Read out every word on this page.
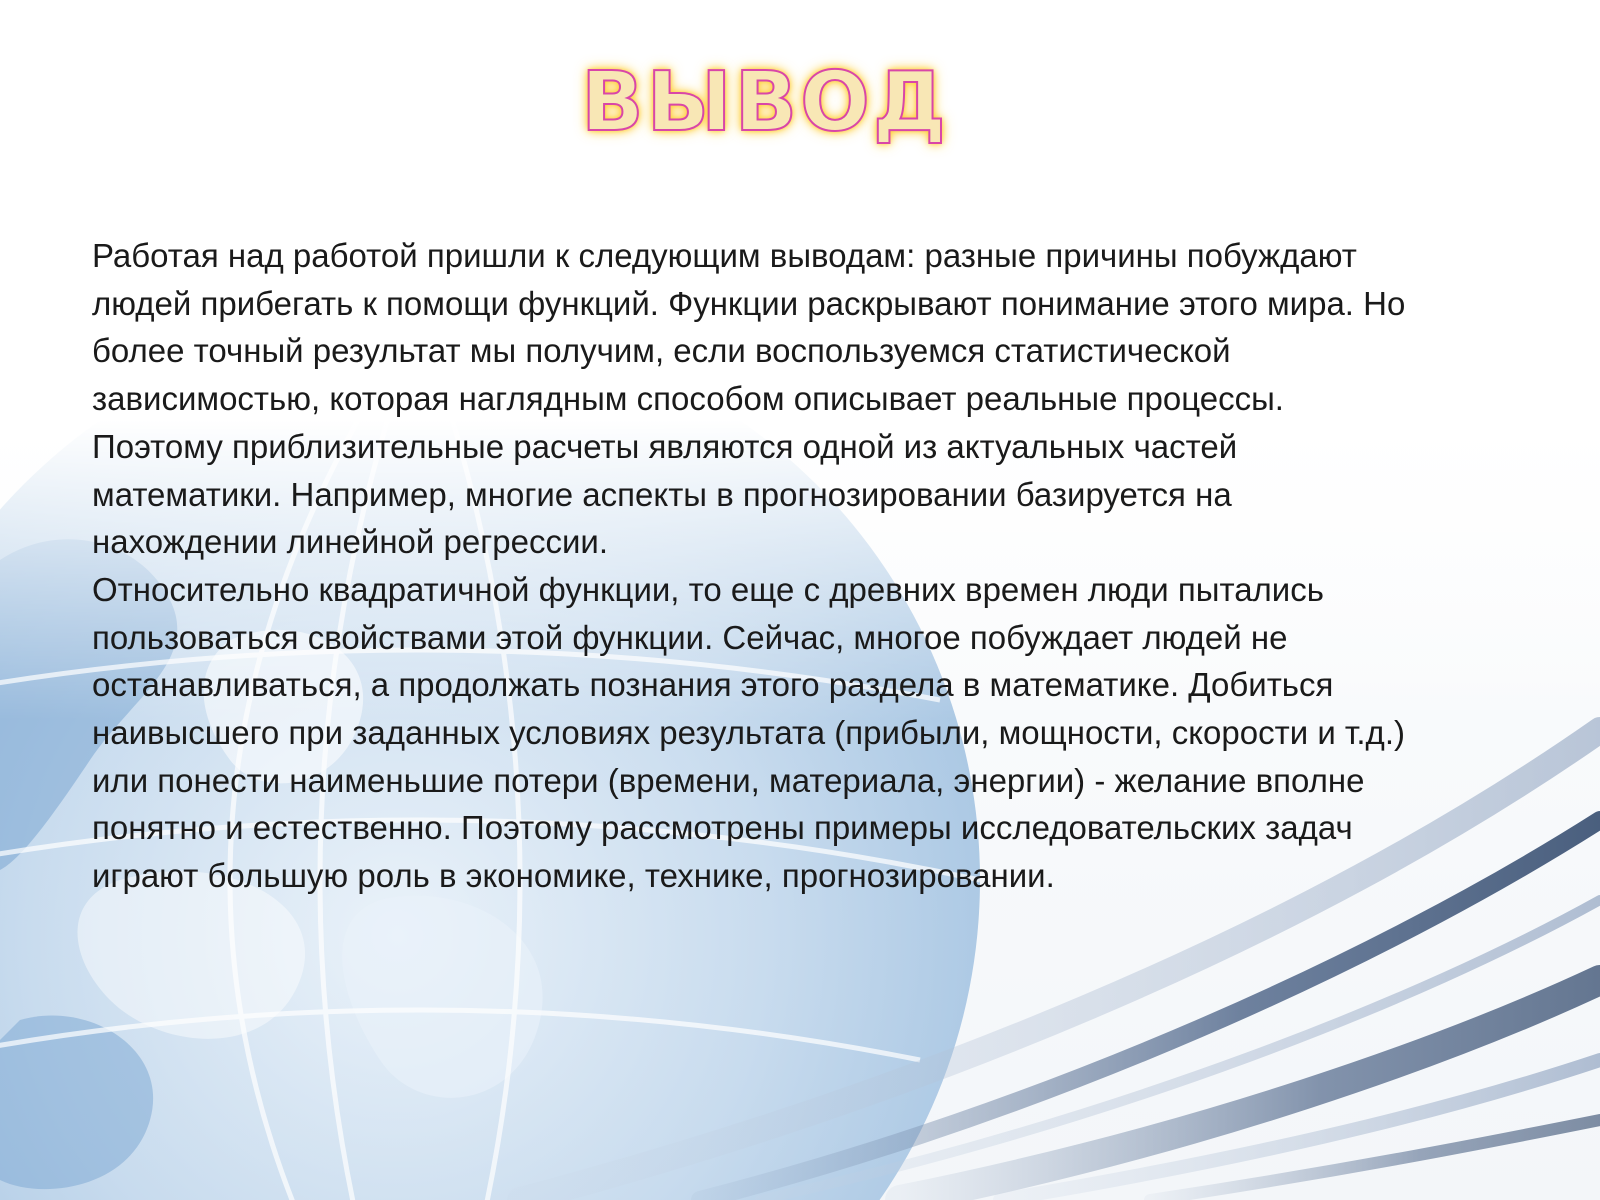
ВЫВОД

Работая над работой пришли к следующим выводам: разные причины побуждают людей прибегать к помощи функций. Функции раскрывают понимание этого мира. Но более точный результат мы получим, если воспользуемся статистической зависимостью, которая наглядным способом описывает реальные процессы. Поэтому приблизительные расчеты являются одной из актуальных частей математики. Например, многие аспекты в прогнозировании базируется на нахождении линейной регрессии.

Относительно квадратичной функции, то еще с древних времен люди пытались пользоваться свойствами этой функции. Сейчас, многое побуждает людей не останавливаться, а продолжать познания этого раздела в математике. Добиться наивысшего при заданных условиях результата (прибыли, мощности, скорости и т.д.) или понести наименьшие потери (времени, материала, энергии) - желание вполне понятно и естественно. Поэтому рассмотрены примеры исследовательских задач играют большую роль в экономике, технике, прогнозировании.
